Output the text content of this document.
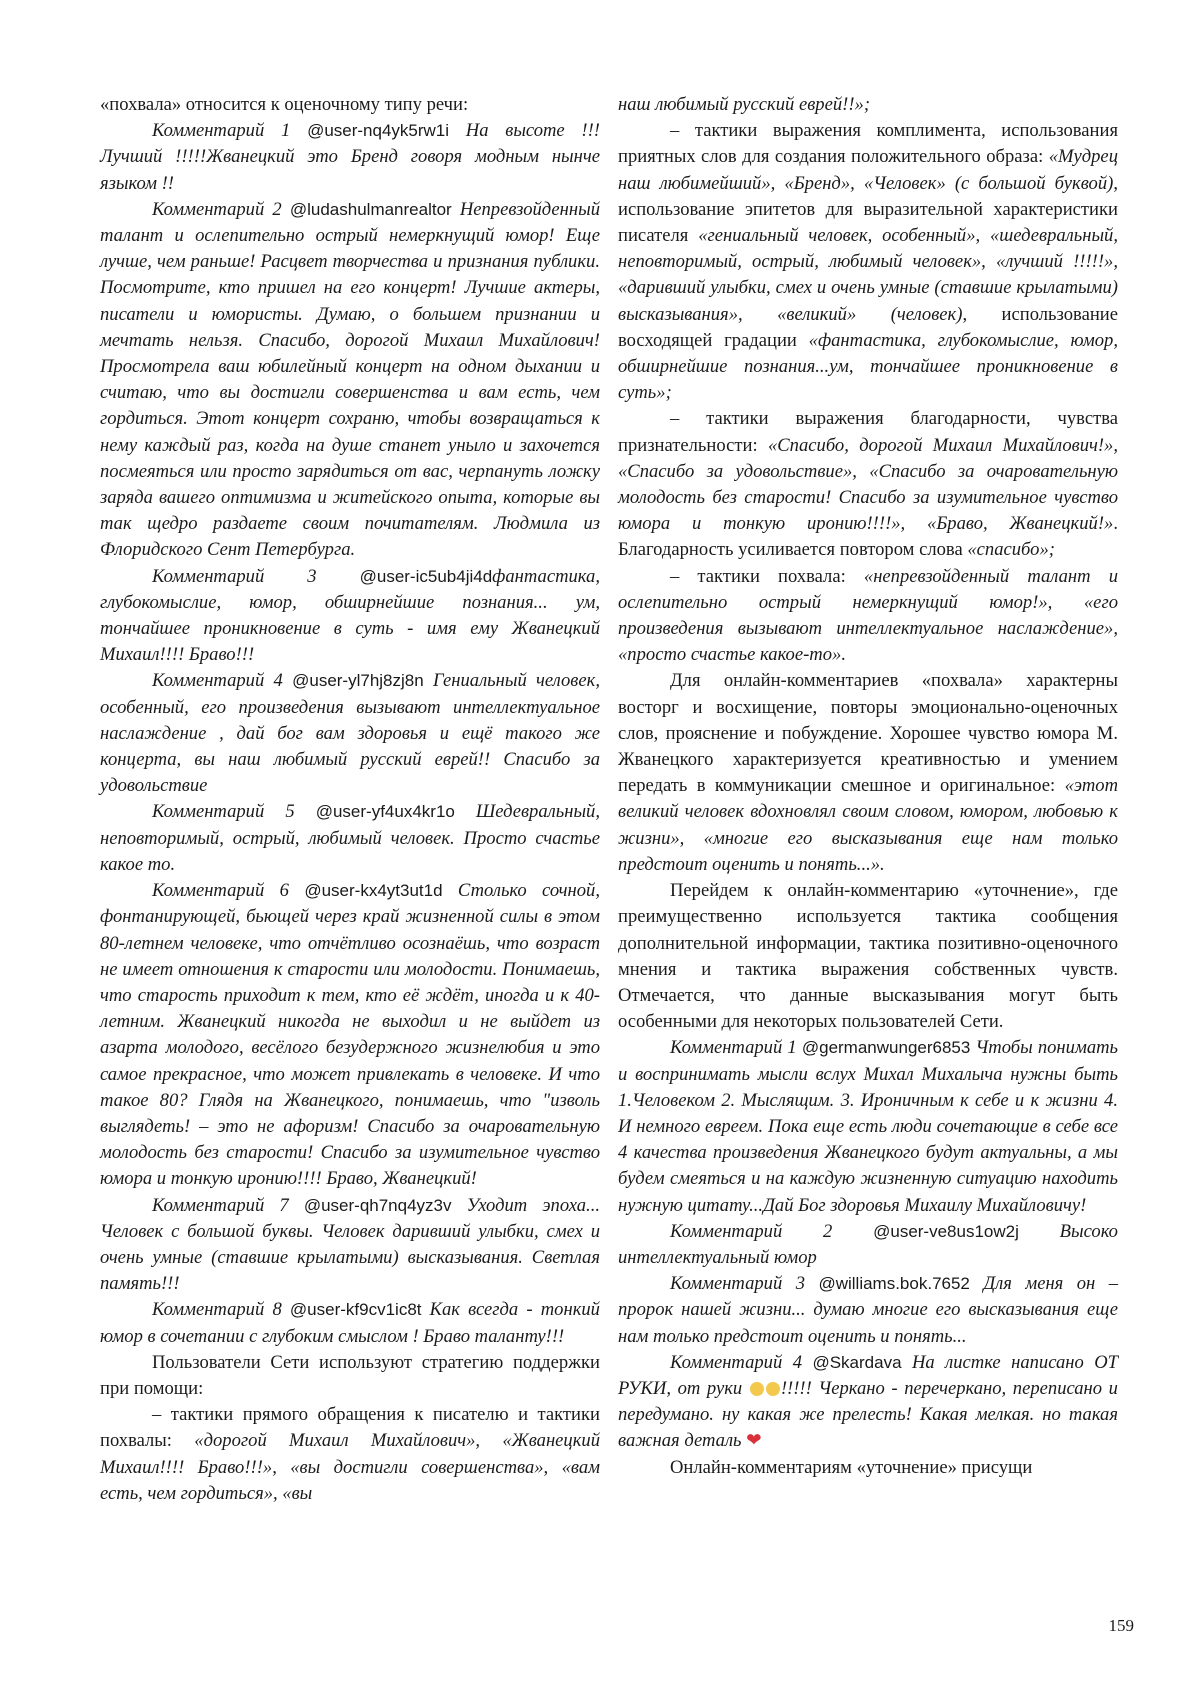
«похвала» относится к оценочному типу речи:

Комментарий 1 @user-nq4yk5rw1i На высоте !!!Лучший !!!!!Жванецкий это Бренд говоря модным нынче языком !!

Комментарий 2 @ludashulmanrealtor Непревзойденный талант и ослепительно острый немеркнущий юмор! Еще лучше, чем раньше! Расцвет творчества и признания публики. Посмотрите, кто пришел на его концерт! Лучшие актеры, писатели и юмористы. Думаю, о большем признании и мечтать нельзя. Спасибо, дорогой Михаил Михайлович! Просмотрела ваш юбилейный концерт на одном дыхании и считаю, что вы достигли совершенства и вам есть, чем гордиться. Этот концерт сохраню, чтобы возвращаться к нему каждый раз, когда на душе станет уныло и захочется посмеяться или просто зарядиться от вас, черпануть ложку заряда вашего оптимизма и житейского опыта, которые вы так щедро раздаете своим почитателям. Людмила из Флоридского Сент Петербурга.

Комментарий 3	@user-ic5ub4ji4dфантастика, глубокомыслие, юмор, обширнейшие познания... ум, тончайшее проникновение в суть - имя ему Жванецкий Михаил!!!! Браво!!!

Комментарий 4 @user-yl7hj8zj8n Гениальный человек, особенный, его произведения вызывают интеллектуальное наслаждение , дай бог вам здоровья и ещё такого же концерта, вы наш любимый русский еврей!! Спасибо за удовольствие

Комментарий 5 @user-yf4ux4kr1o Шедевральный, неповторимый, острый, любимый человек. Просто счастье какое то.

Комментарий 6 @user-kx4yt3ut1d Столько сочной, фонтанирующей, бьющей через край жизненной силы в этом 80-летнем человеке, что отчётливо осознаёшь, что возраст не имеет отношения к старости или молодости. Понимаешь, что старость приходит к тем, кто её ждёт, иногда и к 40-летним. Жванецкий никогда не выходил и не выйдет из азарта молодого, весёлого безудержного жизнелюбия и это самое прекрасное, что может привлекать в человеке. И что такое 80? Глядя на Жванецкого, понимаешь, что "изволь выглядеть! – это не афоризм! Спасибо за очаровательную молодость без старости! Спасибо за изумительное чувство юмора и тонкую иронию!!!! Браво, Жванецкий!

Комментарий 7 @user-qh7nq4yz3v Уходит эпоха... Человек с большой буквы. Человек даривший улыбки, смех и очень умные (ставшие крылатыми) высказывания. Светлая память!!!

Комментарий 8 @user-kf9cv1ic8t Как всегда - тонкий юмор в сочетании с глубоким смыслом ! Браво таланту!!!

Пользователи Сети используют стратегию поддержки при помощи:

– тактики прямого обращения к писателю и тактики похвалы: «дорогой Михаил Михайлович», «Жванецкий Михаил!!!! Браво!!!», «вы достигли совершенства», «вам есть, чем гордиться», «вы

наш любимый русский еврей!!»;

– тактики выражения комплимента, использования приятных слов для создания положительного образа: «Мудрец наш любимейший», «Бренд», «Человек» (с большой буквой), использование эпитетов для выразительной характеристики писателя «гениальный человек, особенный», «шедевральный, неповторимый, острый, любимый человек», «лучший !!!!!», «даривший улыбки, смех и очень умные (ставшие крылатыми) высказывания», «великий» (человек), использование восходящей градации «фантастика, глубокомыслие, юмор, обширнейшие познания...ум, тончайшее проникновение в суть»;

– тактики выражения благодарности, чувства признательности: «Спасибо, дорогой Михаил Михайлович!», «Спасибо за удовольствие», «Спасибо за очаровательную молодость без старости! Спасибо за изумительное чувство юмора и тонкую иронию!!!!», «Браво, Жванецкий!». Благодарность усиливается повтором слова «спасибо»;

– тактики похвала: «непревзойденный талант и ослепительно острый немеркнущий юмор!», «его произведения вызывают интеллектуальное наслаждение», «просто счастье какое-то».

Для онлайн-комментариев «похвала» характерны восторг и восхищение, повторы эмоционально-оценочных слов, прояснение и побуждение. Хорошее чувство юмора М. Жванецкого характеризуется креативностью и умением передать в коммуникации смешное и оригинальное: «этот великий человек вдохновлял своим словом, юмором, любовью к жизни», «многие его высказывания еще нам только предстоит оценить и понять...».

Перейдем к онлайн-комментарию «уточнение», где преимущественно используется тактика сообщения дополнительной информации, тактика позитивно-оценочного мнения и тактика выражения собственных чувств. Отмечается, что данные высказывания могут быть особенными для некоторых пользователей Сети.

Комментарий 1 @germanwunger6853 Чтобы понимать и воспринимать мысли вслух Михал Михалыча нужны быть 1.Человеком 2. Мыслящим. 3. Ироничным к себе и к жизни 4. И немного евреем. Пока еще есть люди сочетающие в себе все 4 качества произведения Жванецкого будут актуальны, а мы будем смеяться и на каждую жизненную ситуацию находить нужную цитату...Дай Бог здоровья Михаилу Михайловичу!

Комментарий 2 @user-ve8us1ow2j Высоко интеллектуальный юмор

Комментарий 3 @williams.bok.7652 Для меня он – пророк нашей жизни... думаю многие его высказывания еще нам только предстоит оценить и понять...

Комментарий 4 @Skardava На листке написано ОТ РУКИ, от руки !!!!! Черкано - перечеркано, переписано и передумано. ну какая же прелесть! Какая мелкая. но такая важная деталь ❤

Онлайн-комментариям «уточнение» присущи

159
